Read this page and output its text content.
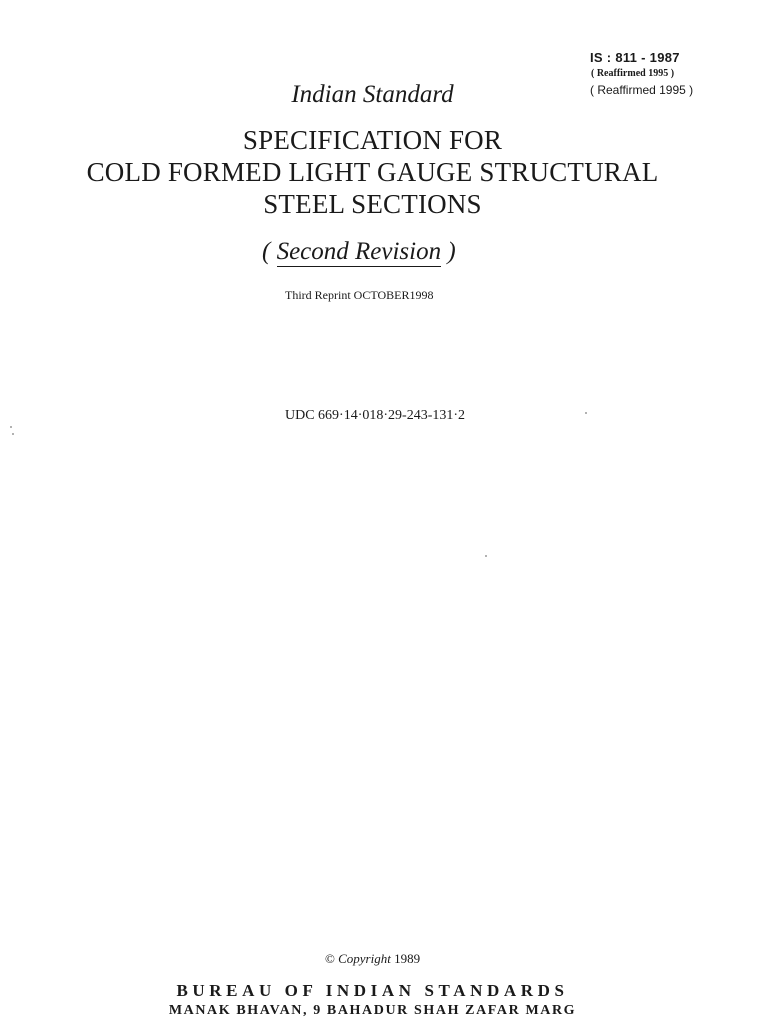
IS : 811 - 1987
( Reaffirmed 1995 )
( Reaffirmed 1995 )
Indian Standard
SPECIFICATION FOR
COLD FORMED LIGHT GAUGE STRUCTURAL
STEEL SECTIONS
( Second Revision )
Third Reprint OCTOBER1998
UDC 669·14·018·29-243-131·2
© Copyright 1989
BUREAU OF INDIAN STANDARDS
MANAK BHAVAN, 9 BAHADUR SHAH ZAFAR MARG
